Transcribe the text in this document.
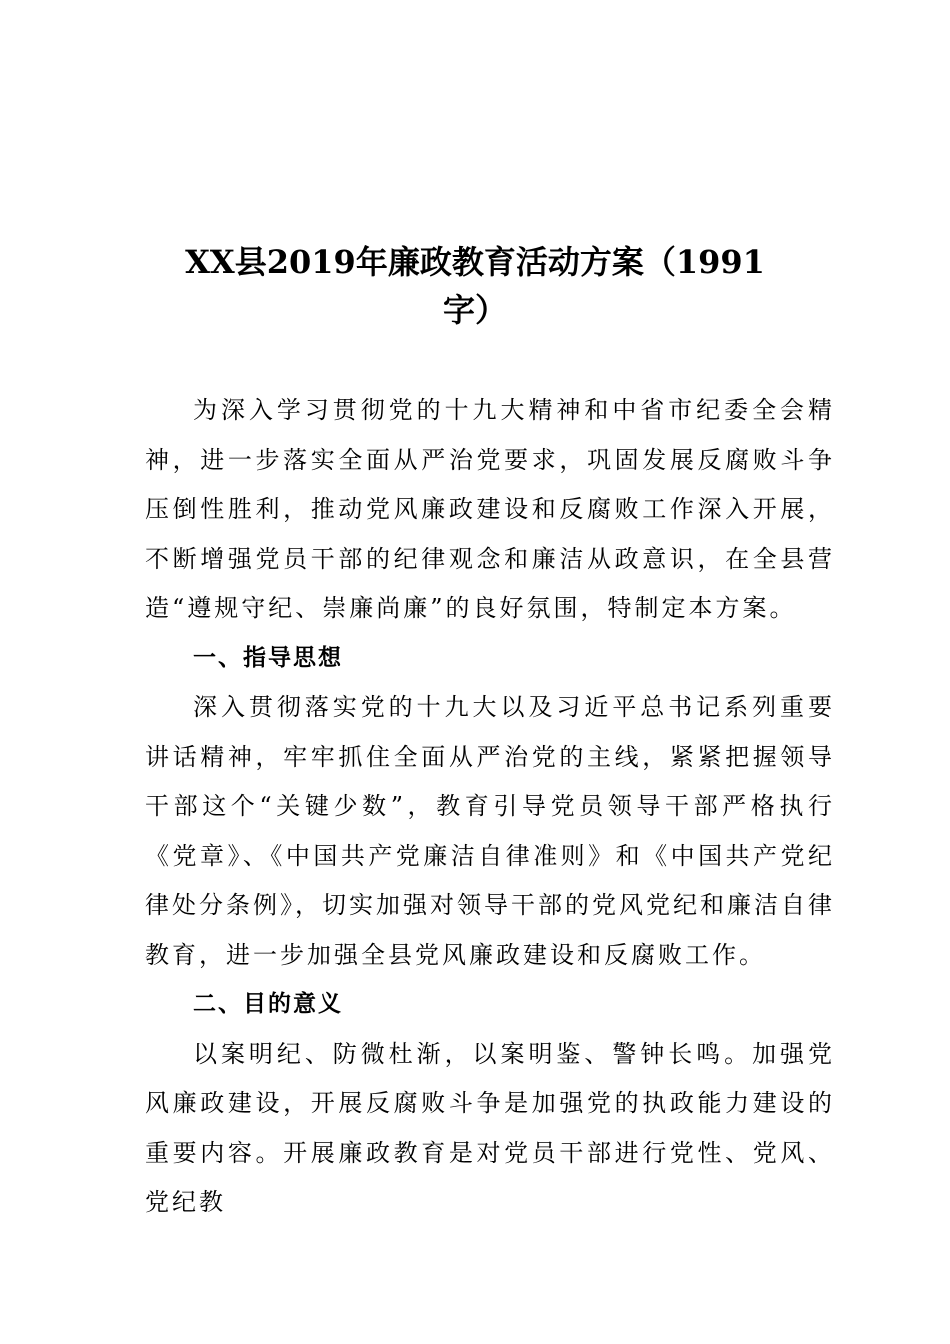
XX县2019年廉政教育活动方案（1991
字）

为深入学习贯彻党的十九大精神和中省市纪委全会精神，进一步落实全面从严治党要求，巩固发展反腐败斗争压倒性胜利，推动党风廉政建设和反腐败工作深入开展，不断增强党员干部的纪律观念和廉洁从政意识，在全县营造“遵规守纪、崇廉尚廉”的良好氛围，特制定本方案。

一、指导思想

深入贯彻落实党的十九大以及习近平总书记系列重要讲话精神，牢牢抓住全面从严治党的主线，紧紧把握领导干部这个“关键少数”，教育引导党员领导干部严格执行《党章》、《中国共产党廉洁自律准则》和《中国共产党纪律处分条例》，切实加强对领导干部的党风党纪和廉洁自律教育，进一步加强全县党风廉政建设和反腐败工作。

二、目的意义

以案明纪、防微杜渐，以案明鉴、警钟长鸣。加强党风廉政建设，开展反腐败斗争是加强党的执政能力建设的重要内容。开展廉政教育是对党员干部进行党性、党风、党纪教
